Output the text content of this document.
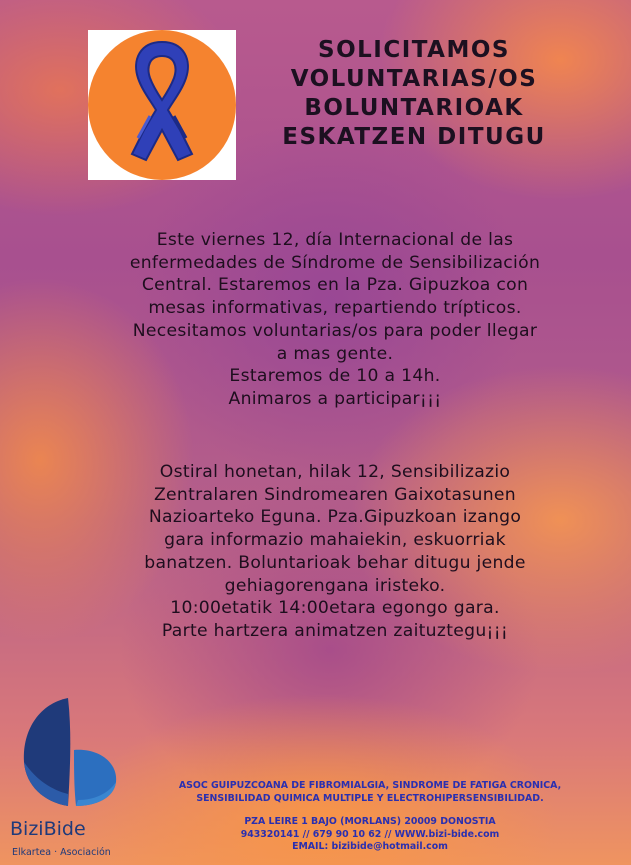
SOLICITAMOS
VOLUNTARIAS/OS
BOLUNTARIOAK
ESKATZEN DITUGU
Este viernes 12, día Internacional de las
enfermedades de Síndrome de Sensibilización
Central. Estaremos en la Pza. Gipuzkoa con
mesas informativas, repartiendo trípticos.
Necesitamos voluntarias/os para poder llegar
a mas gente.
Estaremos de 10 a 14h.
Animaros a participar¡¡¡
Ostiral honetan, hilak 12, Sensibilizazio
Zentralaren Sindromearen Gaixotasunen
Nazioarteko Eguna. Pza.Gipuzkoan izango
gara informazio mahaiekin, eskuorriak
banatzen. Boluntarioak behar ditugu jende
gehiagorengana iristeko.
10:00etatik 14:00etara egongo gara.
Parte hartzera animatzen zaituztegu¡¡¡
BiziBide
Elkartea · Asociación
ASOC GUIPUZCOANA DE FIBROMIALGIA, SINDROME DE FATIGA CRONICA,
SENSIBILIDAD QUIMICA MULTIPLE Y ELECTROHIPERSENSIBILIDAD.
PZA LEIRE 1 BAJO (MORLANS) 20009 DONOSTIA
943320141 // 679 90 10 62 // WWW.bizi-bide.com
EMAIL: bizibide@hotmail.com
